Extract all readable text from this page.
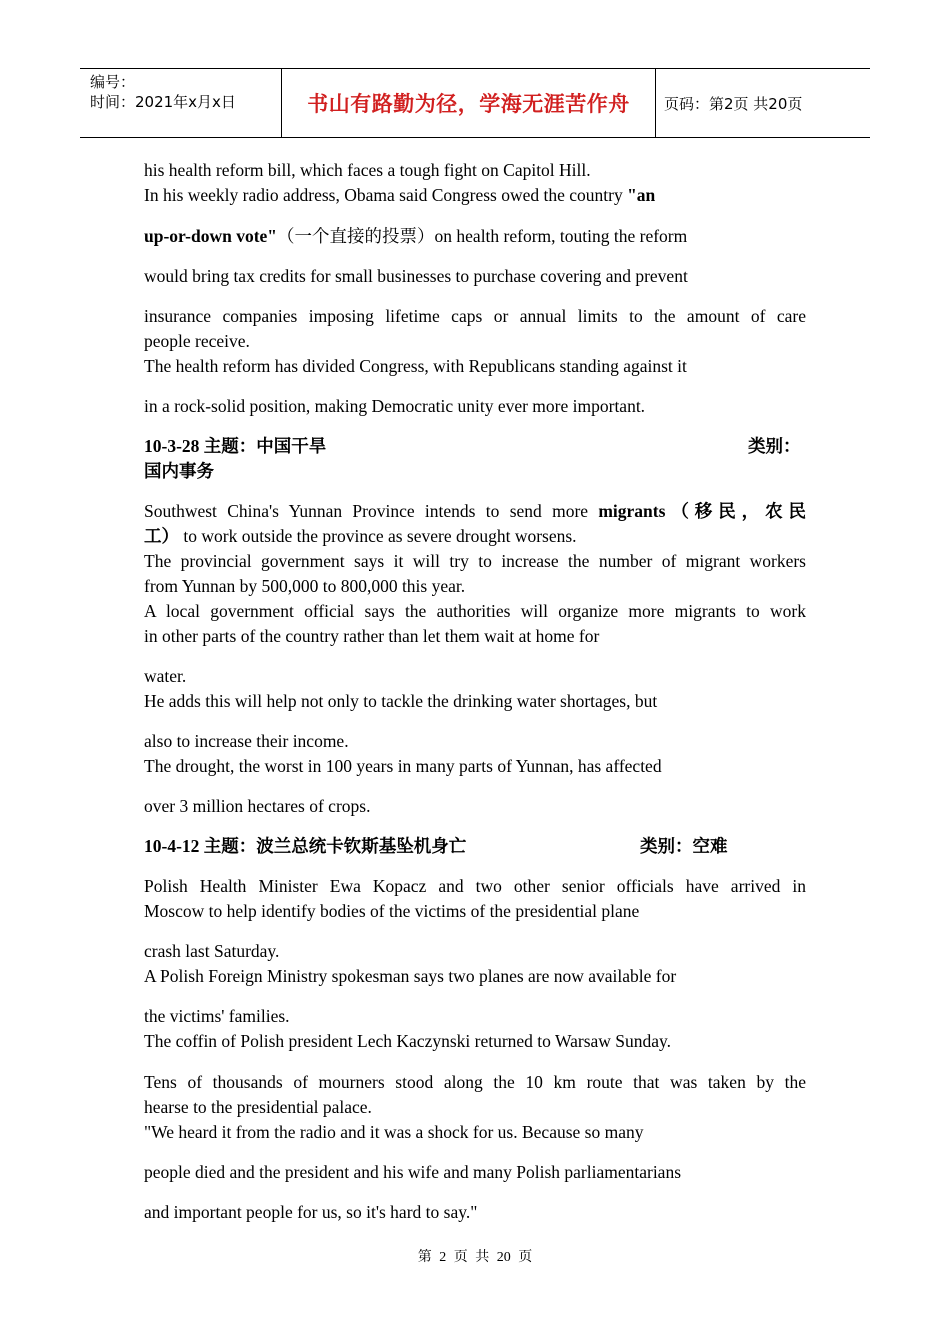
编号：
时间：2021年x月x日	书山有路勤为径，学海无涯苦作舟	页码：第2页 共20页
his health reform bill, which faces a tough fight on Capitol Hill.
In his weekly radio address, Obama said Congress owed the country "an
up-or-down vote"（一个直接的投票）on health reform, touting the reform
would bring tax credits for small businesses to purchase covering and prevent
insurance companies imposing lifetime caps or annual limits to the amount of care
people receive.
The health reform has divided Congress, with Republicans standing against it
in a rock-solid position, making Democratic unity ever more important.
10-3-28 主题：中国干旱	类别：
国内事务
Southwest China's Yunnan Province intends to send more migrants（移民，农民
工） to work outside the province as severe drought worsens.
The provincial government says it will try to increase the number of migrant workers
from Yunnan by 500,000 to 800,000 this year.
A local government official says the authorities will organize more migrants to work
in other parts of the country rather than let them wait at home for
water.
He adds this will help not only to tackle the drinking water shortages, but
also to increase their income.
The drought, the worst in 100 years in many parts of Yunnan, has affected
over 3 million hectares of crops.
10-4-12 主题：波兰总统卡钦斯基坠机身亡	类别：空难
Polish Health Minister Ewa Kopacz and two other senior officials have arrived in
Moscow to help identify bodies of the victims of the presidential plane
crash last Saturday.
A Polish Foreign Ministry spokesman says two planes are now available for
the victims' families.
The coffin of Polish president Lech Kaczynski returned to Warsaw Sunday.
Tens of thousands of mourners stood along the 10 km route that was taken by the
hearse to the presidential palace.
"We heard it from the radio and it was a shock for us. Because so many
people died and the president and his wife and many Polish parliamentarians
and important people for us, so it's hard to say."
第 2 页 共 20 页
